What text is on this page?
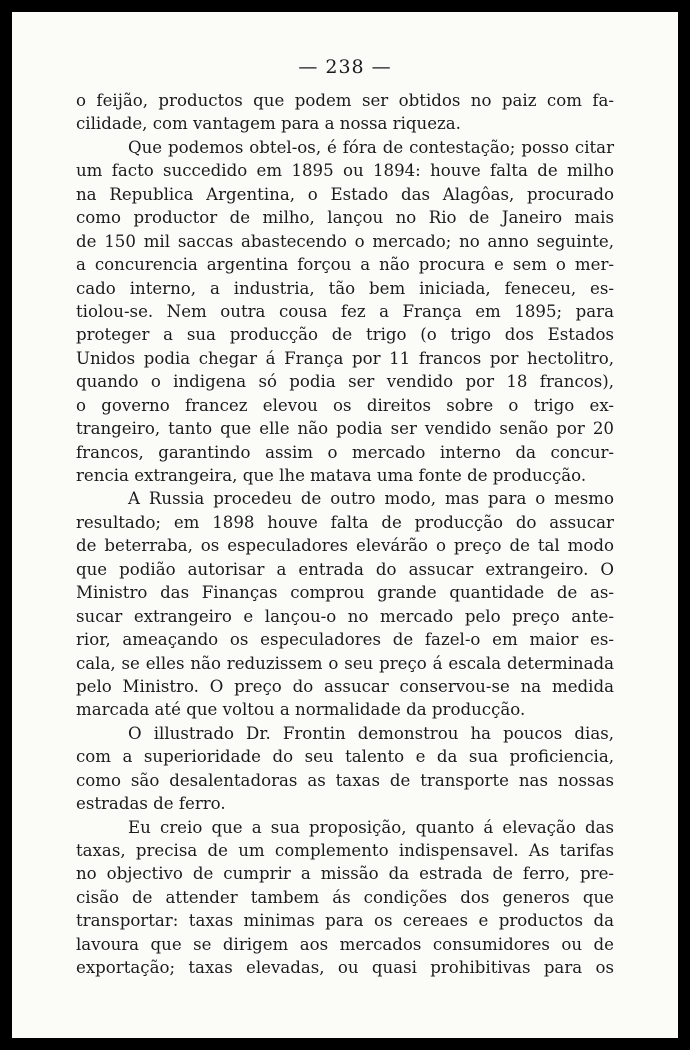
— 238 —
o feijão, productos que podem ser obtidos no paiz com fa-
cilidade, com vantagem para a nossa riqueza.
Que podemos obtel-os, é fóra de contestação; posso citar
um facto succedido em 1895 ou 1894: houve falta de milho
na Republica Argentina, o Estado das Alagôas, procurado
como productor de milho, lançou no Rio de Janeiro mais
de 150 mil saccas abastecendo o mercado; no anno seguinte,
a concurencia argentina forçou a não procura e sem o mer-
cado interno, a industria, tão bem iniciada, feneceu, es-
tiolou-se. Nem outra cousa fez a França em 1895; para
proteger a sua producção de trigo (o trigo dos Estados
Unidos podia chegar á França por 11 francos por hectolitro,
quando o indigena só podia ser vendido por 18 francos),
o governo francez elevou os direitos sobre o trigo ex-
trangeiro, tanto que elle não podia ser vendido senão por 20
francos, garantindo assim o mercado interno da concur-
rencia extrangeira, que lhe matava uma fonte de producção.
A Russia procedeu de outro modo, mas para o mesmo
resultado; em 1898 houve falta de producção do assucar
de beterraba, os especuladores elevárão o preço de tal modo
que podião autorisar a entrada do assucar extrangeiro. O
Ministro das Finanças comprou grande quantidade de as-
sucar extrangeiro e lançou-o no mercado pelo preço ante-
rior, ameaçando os especuladores de fazel-o em maior es-
cala, se elles não reduzissem o seu preço á escala determinada
pelo Ministro. O preço do assucar conservou-se na medida
marcada até que voltou a normalidade da producção.
O illustrado Dr. Frontin demonstrou ha poucos dias,
com a superioridade do seu talento e da sua proficiencia,
como são desalentadoras as taxas de transporte nas nossas
estradas de ferro.
Eu creio que a sua proposição, quanto á elevação das
taxas, precisa de um complemento indispensavel. As tarifas
no objectivo de cumprir a missão da estrada de ferro, pre-
cisão de attender tambem ás condições dos generos que
transportar: taxas minimas para os cereaes e productos da
lavoura que se dirigem aos mercados consumidores ou de
exportação; taxas elevadas, ou quasi prohibitivas para os
